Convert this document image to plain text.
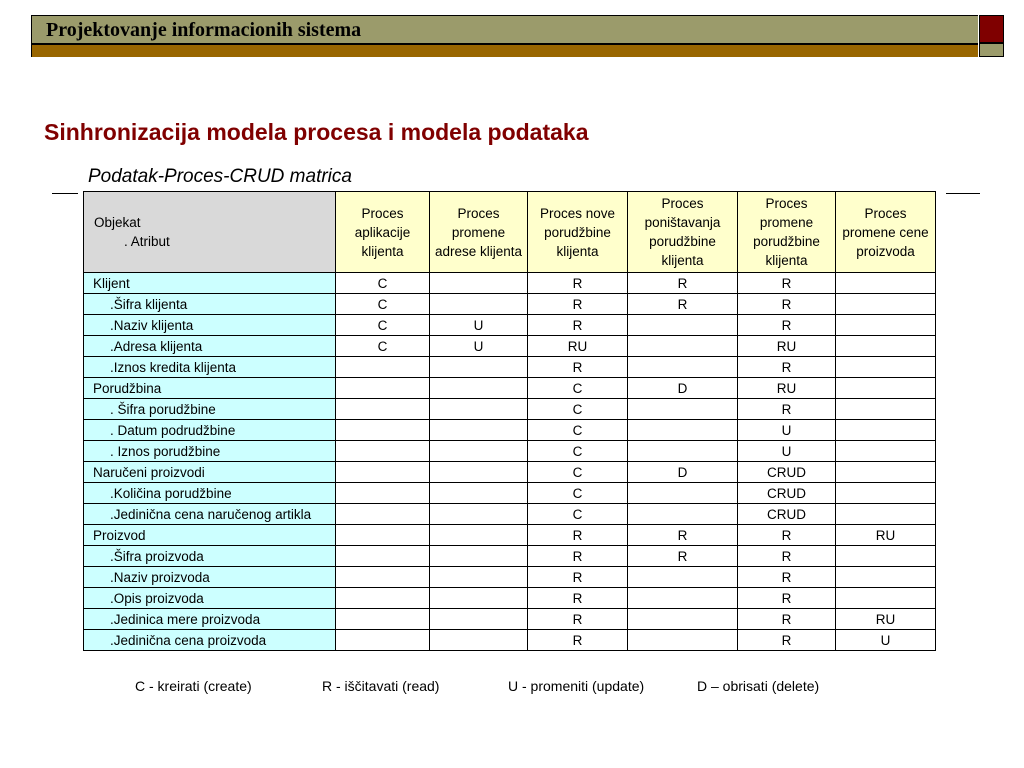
Projektovanje informacionih sistema
Sinhronizacija modela procesa i modela podataka
Podatak-Proces-CRUD matrica
Objekat
. Atribut	Proces aplikacije klijenta	Proces promene adrese klijenta	Proces nove porudžbine klijenta	Proces poništavanja porudžbine klijenta	Proces promene porudžbine klijenta	Proces promene cene proizvoda
Klijent	C		R	R	R	
.Šifra klijenta	C		R	R	R	
.Naziv klijenta	C	U	R		R	
.Adresa klijenta	C	U	RU		RU	
.Iznos kredita klijenta			R		R	
Porudžbina			C	D	RU	
. Šifra porudžbine			C		R	
. Datum podrudžbine			C		U	
. Iznos porudžbine			C		U	
Naručeni proizvodi			C	D	CRUD	
.Količina porudžbine			C		CRUD	
.Jedinična cena naručenog artikla			C		CRUD	
Proizvod			R	R	R	RU
.Šifra proizvoda			R	R	R	
.Naziv proizvoda			R		R	
.Opis proizvoda			R		R	
.Jedinica mere proizvoda			R		R	RU
.Jedinična cena proizvoda			R		R	U
C - kreirati (create)	R - iščitavati (read)	U - promeniti (update)	D – obrisati (delete)
